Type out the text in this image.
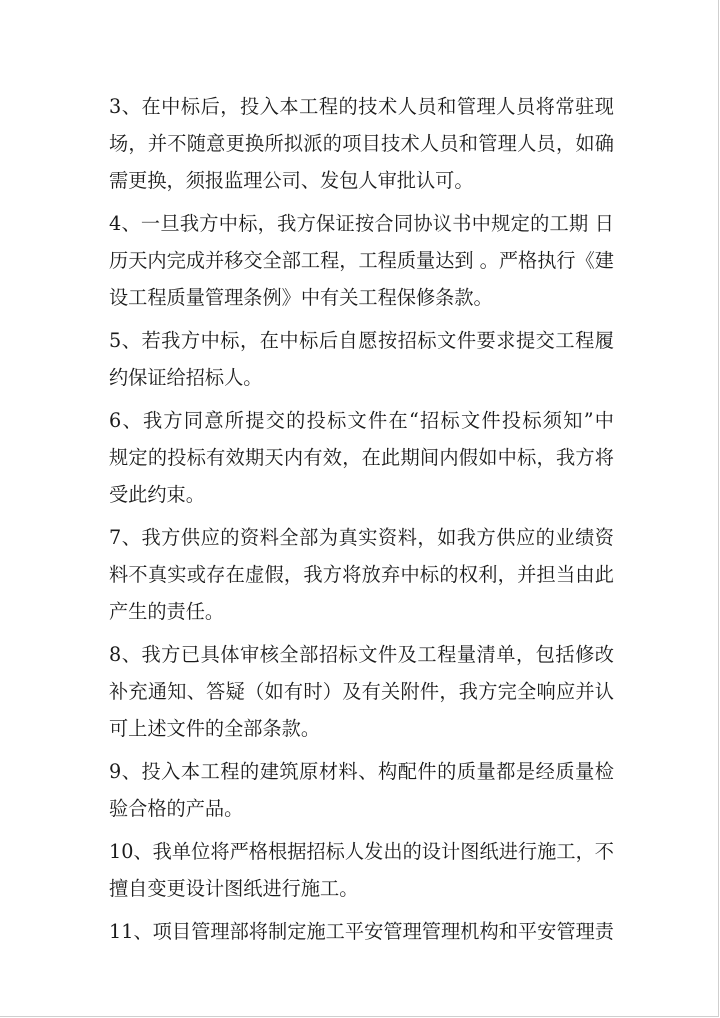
3、在中标后，投入本工程的技术人员和管理人员将常驻现
场，并不随意更换所拟派的项目技术人员和管理人员，如确
需更换，须报监理公司、发包人审批认可。
4、一旦我方中标，我方保证按合同协议书中规定的工期 日
历天内完成并移交全部工程，工程质量达到 。严格执行《建
设工程质量管理条例》中有关工程保修条款。
5、若我方中标，在中标后自愿按招标文件要求提交工程履
约保证给招标人。
6、我方同意所提交的投标文件在“招标文件投标须知”中
规定的投标有效期天内有效，在此期间内假如中标，我方将
受此约束。
7、我方供应的资料全部为真实资料，如我方供应的业绩资
料不真实或存在虚假，我方将放弃中标的权利，并担当由此
产生的责任。
8、我方已具体审核全部招标文件及工程量清单，包括修改
补充通知、答疑（如有时）及有关附件，我方完全响应并认
可上述文件的全部条款。
9、投入本工程的建筑原材料、构配件的质量都是经质量检
验合格的产品。
10、我单位将严格根据招标人发出的设计图纸进行施工，不
擅自变更设计图纸进行施工。
11、项目管理部将制定施工平安管理管理机构和平安管理责
